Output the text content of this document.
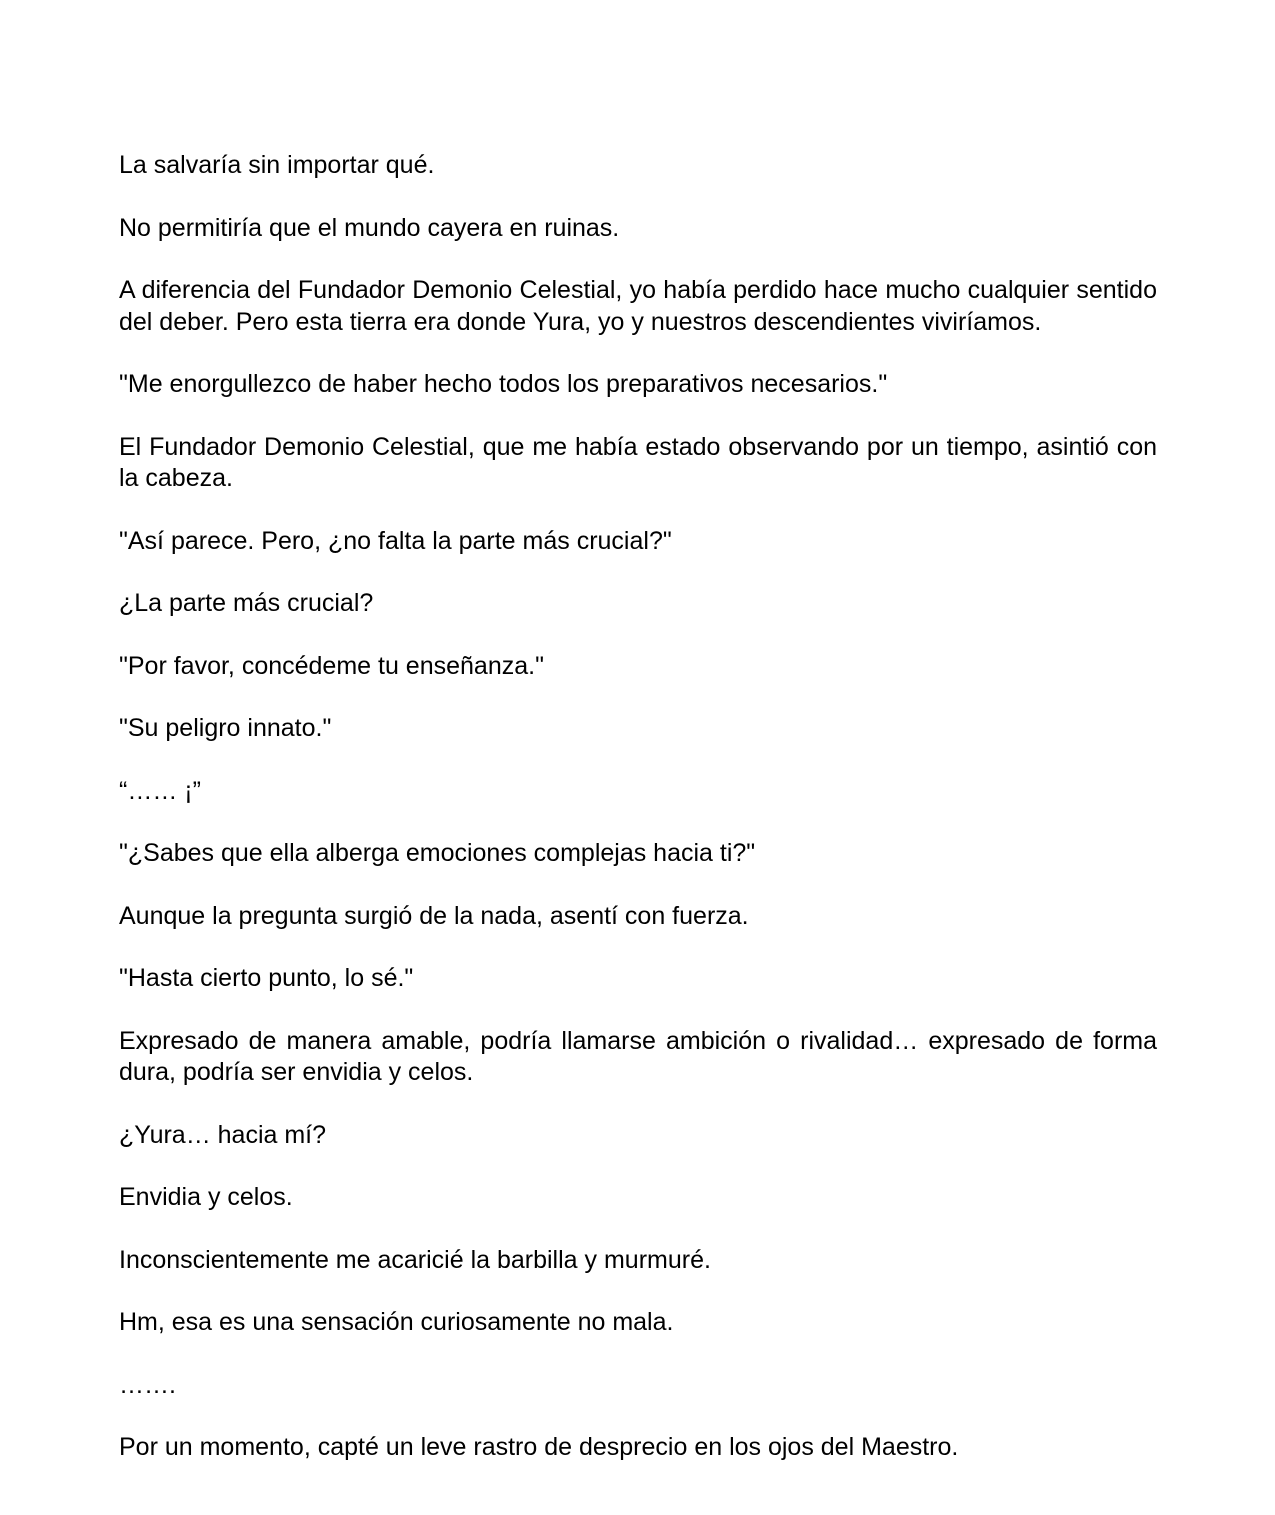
La salvaría sin importar qué.

No permitiría que el mundo cayera en ruinas.

A diferencia del Fundador Demonio Celestial, yo había perdido hace mucho cualquier sentido del deber. Pero esta tierra era donde Yura, yo y nuestros descendientes viviríamos.

"Me enorgullezco de haber hecho todos los preparativos necesarios."

El Fundador Demonio Celestial, que me había estado observando por un tiempo, asintió con la cabeza.

"Así parece. Pero, ¿no falta la parte más crucial?"

¿La parte más crucial?

"Por favor, concédeme tu enseñanza."

"Su peligro innato."

“…… ¡”

"¿Sabes que ella alberga emociones complejas hacia ti?"

Aunque la pregunta surgió de la nada, asentí con fuerza.

"Hasta cierto punto, lo sé."

Expresado de manera amable, podría llamarse ambición o rivalidad… expresado de forma dura, podría ser envidia y celos.

¿Yura… hacia mí?

Envidia y celos.

Inconscientemente me acaricié la barbilla y murmuré.

Hm, esa es una sensación curiosamente no mala.

…….

Por un momento, capté un leve rastro de desprecio en los ojos del Maestro.
